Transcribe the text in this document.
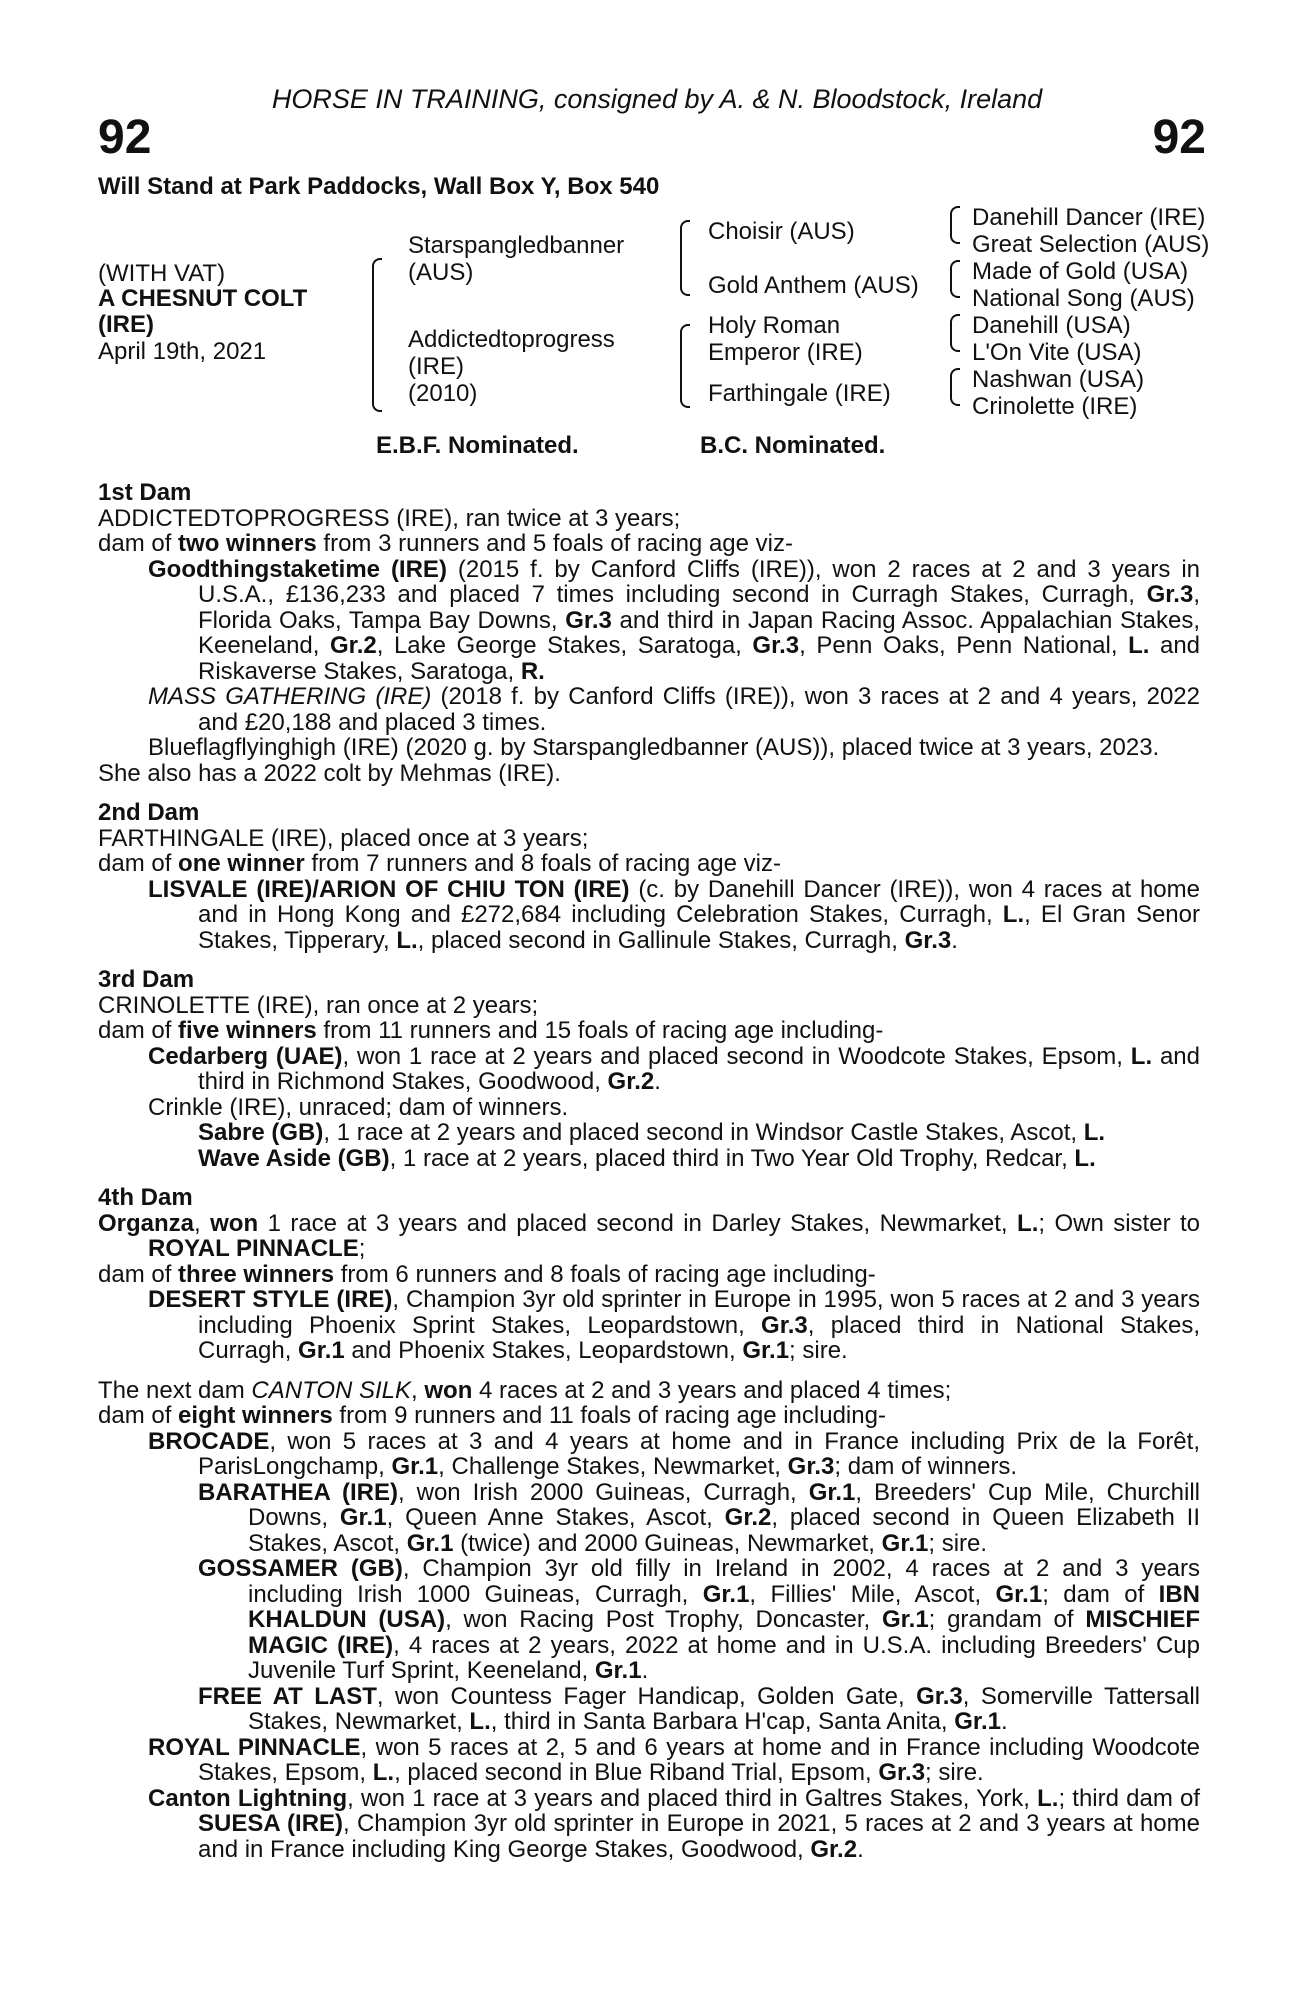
HORSE IN TRAINING, consigned by A. & N. Bloodstock, Ireland
92	92
Will Stand at Park Paddocks, Wall Box Y, Box 540
(WITH VAT)
A CHESNUT COLT
(IRE)
April 19th, 2021
Starspangledbanner
(AUS)
Addictedtoprogress
(IRE)
(2010)
Choisir (AUS)
Gold Anthem (AUS)
Holy Roman
Emperor (IRE)
Farthingale (IRE)
Danehill Dancer (IRE)
Great Selection (AUS)
Made of Gold (USA)
National Song (AUS)
Danehill (USA)
L'On Vite (USA)
Nashwan (USA)
Crinolette (IRE)
E.B.F. Nominated.	B.C. Nominated.
1st Dam

ADDICTEDTOPROGRESS (IRE), ran twice at 3 years;

dam of two winners from 3 runners and 5 foals of racing age viz-

Goodthingstaketime (IRE) (2015 f. by Canford Cliffs (IRE)), won 2 races at 2 and 3 years in U.S.A., £136,233 and placed 7 times including second in Curragh Stakes, Curragh, Gr.3, Florida Oaks, Tampa Bay Downs, Gr.3 and third in Japan Racing Assoc. Appalachian Stakes, Keeneland, Gr.2, Lake George Stakes, Saratoga, Gr.3, Penn Oaks, Penn National, L. and Riskaverse Stakes, Saratoga, R.

MASS GATHERING (IRE) (2018 f. by Canford Cliffs (IRE)), won 3 races at 2 and 4 years, 2022 and £20,188 and placed 3 times.

Blueflagflyinghigh (IRE) (2020 g. by Starspangledbanner (AUS)), placed twice at 3 years, 2023.

She also has a 2022 colt by Mehmas (IRE).

2nd Dam

FARTHINGALE (IRE), placed once at 3 years;

dam of one winner from 7 runners and 8 foals of racing age viz-

LISVALE (IRE)/ARION OF CHIU TON (IRE) (c. by Danehill Dancer (IRE)), won 4 races at home and in Hong Kong and £272,684 including Celebration Stakes, Curragh, L., El Gran Senor Stakes, Tipperary, L., placed second in Gallinule Stakes, Curragh, Gr.3.

3rd Dam

CRINOLETTE (IRE), ran once at 2 years;

dam of five winners from 11 runners and 15 foals of racing age including-

Cedarberg (UAE), won 1 race at 2 years and placed second in Woodcote Stakes, Epsom, L. and third in Richmond Stakes, Goodwood, Gr.2.

Crinkle (IRE), unraced; dam of winners.

Sabre (GB), 1 race at 2 years and placed second in Windsor Castle Stakes, Ascot, L.

Wave Aside (GB), 1 race at 2 years, placed third in Two Year Old Trophy, Redcar, L.

4th Dam

Organza, won 1 race at 3 years and placed second in Darley Stakes, Newmarket, L.; Own sister to ROYAL PINNACLE;

dam of three winners from 6 runners and 8 foals of racing age including-

DESERT STYLE (IRE), Champion 3yr old sprinter in Europe in 1995, won 5 races at 2 and 3 years including Phoenix Sprint Stakes, Leopardstown, Gr.3, placed third in National Stakes, Curragh, Gr.1 and Phoenix Stakes, Leopardstown, Gr.1; sire.

The next dam CANTON SILK, won 4 races at 2 and 3 years and placed 4 times;

dam of eight winners from 9 runners and 11 foals of racing age including-

BROCADE, won 5 races at 3 and 4 years at home and in France including Prix de la Forêt, ParisLongchamp, Gr.1, Challenge Stakes, Newmarket, Gr.3; dam of winners.

BARATHEA (IRE), won Irish 2000 Guineas, Curragh, Gr.1, Breeders' Cup Mile, Churchill Downs, Gr.1, Queen Anne Stakes, Ascot, Gr.2, placed second in Queen Elizabeth II Stakes, Ascot, Gr.1 (twice) and 2000 Guineas, Newmarket, Gr.1; sire.

GOSSAMER (GB), Champion 3yr old filly in Ireland in 2002, 4 races at 2 and 3 years including Irish 1000 Guineas, Curragh, Gr.1, Fillies' Mile, Ascot, Gr.1; dam of IBN KHALDUN (USA), won Racing Post Trophy, Doncaster, Gr.1; grandam of MISCHIEF MAGIC (IRE), 4 races at 2 years, 2022 at home and in U.S.A. including Breeders' Cup Juvenile Turf Sprint, Keeneland, Gr.1.

FREE AT LAST, won Countess Fager Handicap, Golden Gate, Gr.3, Somerville Tattersall Stakes, Newmarket, L., third in Santa Barbara H'cap, Santa Anita, Gr.1.

ROYAL PINNACLE, won 5 races at 2, 5 and 6 years at home and in France including Woodcote Stakes, Epsom, L., placed second in Blue Riband Trial, Epsom, Gr.3; sire.

Canton Lightning, won 1 race at 3 years and placed third in Galtres Stakes, York, L.; third dam of SUESA (IRE), Champion 3yr old sprinter in Europe in 2021, 5 races at 2 and 3 years at home and in France including King George Stakes, Goodwood, Gr.2.
